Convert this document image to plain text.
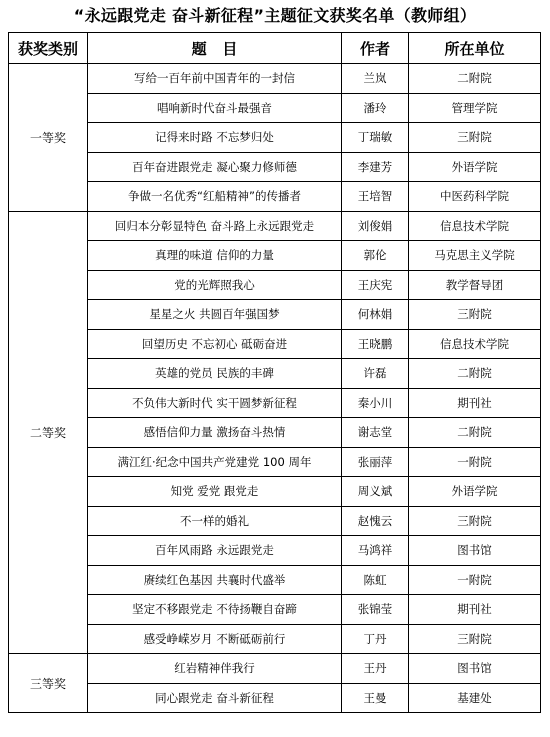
“永远跟党走 奋斗新征程”主题征文获奖名单（教师组）
获奖类别	题   目	作者	所在单位
一等奖	写给一百年前中国青年的一封信	兰岚	二附院
	唱响新时代奋斗最强音	潘玲	管理学院
	记得来时路 不忘梦归处	丁瑞敏	三附院
	百年奋进跟党走 凝心聚力修师德	李建芳	外语学院
	争做一名优秀“红船精神”的传播者	王培智	中医药科学院
二等奖	回归本分彰显特色 奋斗路上永远跟党走	刘俊娟	信息技术学院
	真理的味道 信仰的力量	郭伦	马克思主义学院
	党的光辉照我心	王庆宪	教学督导团
	星星之火 共圆百年强国梦	何林娟	三附院
	回望历史 不忘初心 砥砺奋进	王晓鹏	信息技术学院
	英雄的党员 民族的丰碑	许磊	二附院
	不负伟大新时代 实干圆梦新征程	秦小川	期刊社
	感悟信仰力量 激扬奋斗热情	谢志堂	二附院
	满江红·纪念中国共产党建党 100 周年	张丽萍	一附院
	知党 爱党 跟党走	周义斌	外语学院
	不一样的婚礼	赵愧云	三附院
	百年风雨路 永远跟党走	马鸿祥	图书馆
	赓续红色基因 共襄时代盛举	陈虹	一附院
	坚定不移跟党走 不待扬鞭自奋蹄	张锦莹	期刊社
	感受峥嵘岁月 不断砥砺前行	丁丹	三附院
三等奖	红岩精神伴我行	王丹	图书馆
	同心跟党走 奋斗新征程	王曼	基建处
